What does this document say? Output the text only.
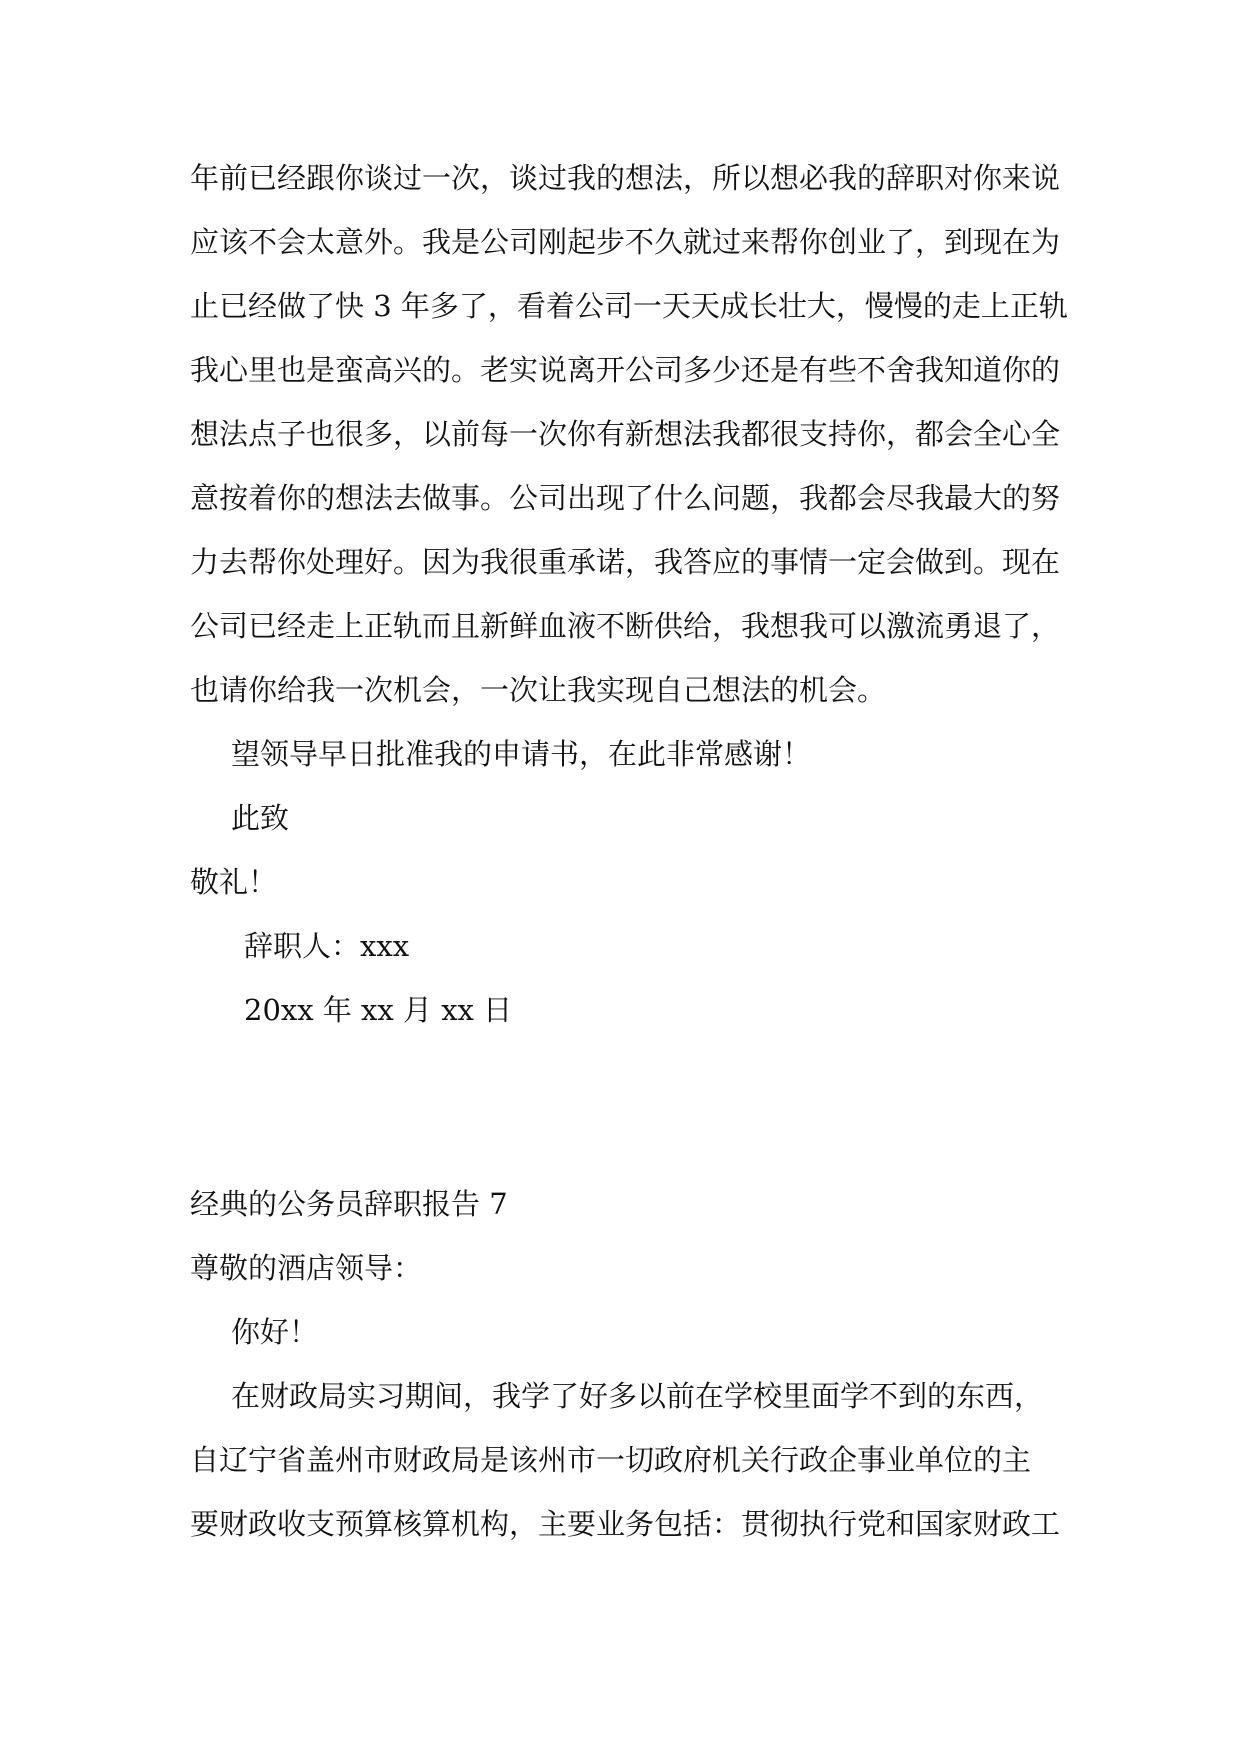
年前已经跟你谈过一次，谈过我的想法，所以想必我的辞职对你来说
应该不会太意外。我是公司刚起步不久就过来帮你创业了，到现在为
止已经做了快 3 年多了，看着公司一天天成长壮大，慢慢的走上正轨
我心里也是蛮高兴的。老实说离开公司多少还是有些不舍我知道你的
想法点子也很多，以前每一次你有新想法我都很支持你，都会全心全
意按着你的想法去做事。公司出现了什么问题，我都会尽我最大的努
力去帮你处理好。因为我很重承诺，我答应的事情一定会做到。现在
公司已经走上正轨而且新鲜血液不断供给，我想我可以激流勇退了，
也请你给我一次机会，一次让我实现自己想法的机会。
望领导早日批准我的申请书，在此非常感谢！
此致
敬礼！
辞职人：xxx
20xx 年 xx 月 xx 日
经典的公务员辞职报告 7
尊敬的酒店领导：
你好！
在财政局实习期间，我学了好多以前在学校里面学不到的东西，
自辽宁省盖州市财政局是该州市一切政府机关行政企事业单位的主
要财政收支预算核算机构，主要业务包括：贯彻执行党和国家财政工
